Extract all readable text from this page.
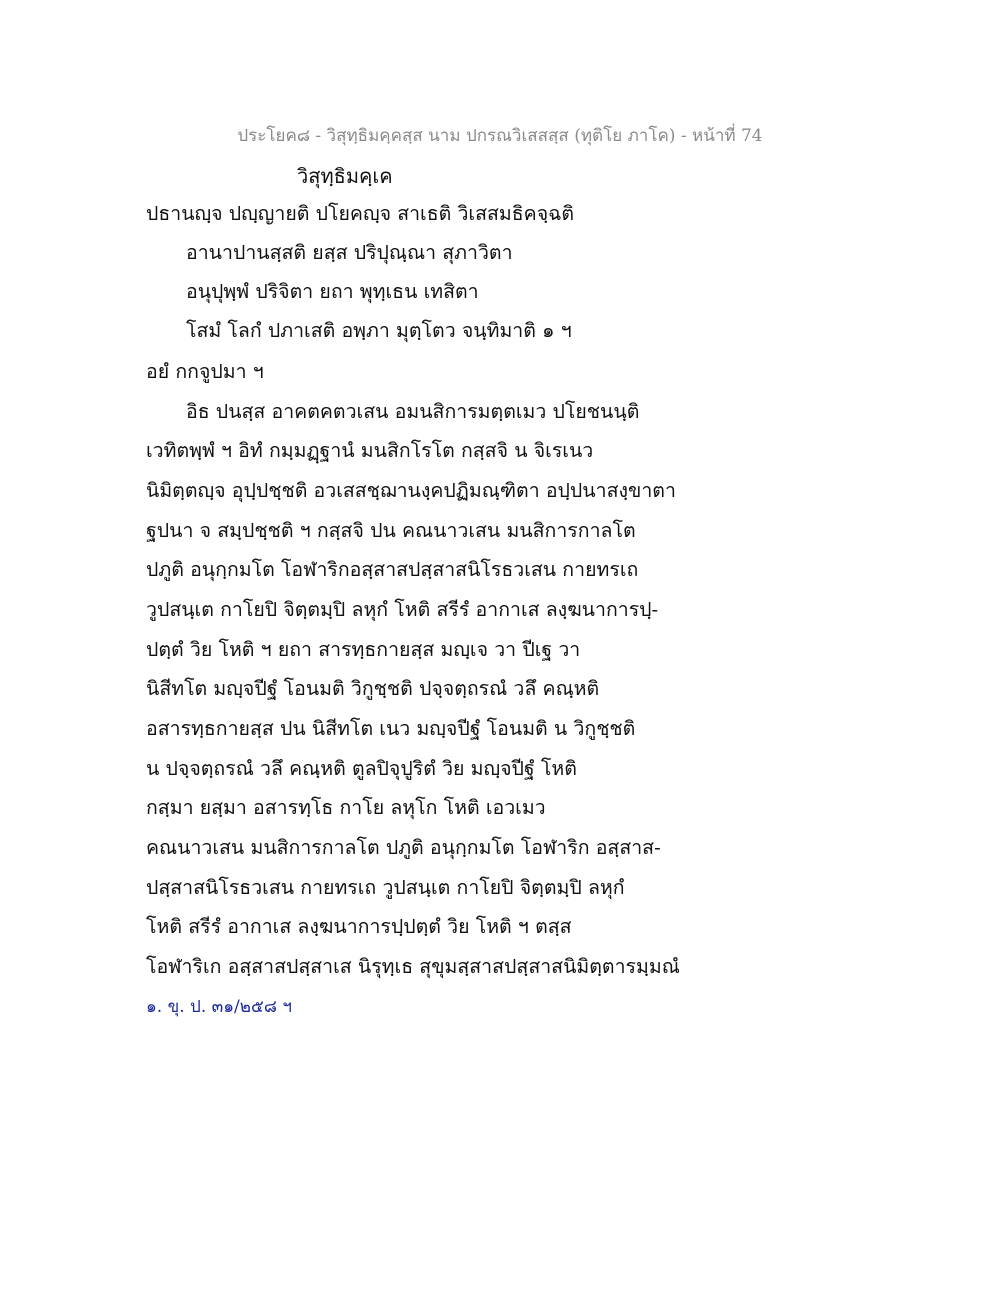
ประโยค๘ - วิสุทฺธิมคฺคสฺส นาม ปกรณวิเสสสฺส (ทุติโย ภาโค) - หน้าที่ 74
วิสุทฺธิมคฺเค
ปธานญฺจ ปญฺญายติ ปโยคญฺจ สาเธติ วิเสสมธิคจฺฉติ
อานาปานสฺสติ ยสฺส ปริปุณฺณา สุภาวิตา
อนุปุพฺพํ ปริจิตา ยถา พุทฺเธน เทสิตา
โสมํ โลกํ ปภาเสติ อพฺภา มุตฺโตว จนฺทิมาติ ๑ ฯ
อยํ กกจูปมา ฯ
อิธ ปนสฺส อาคตคตวเสน อมนสิการมตฺตเมว ปโยชนนฺติ
เวทิตพฺพํ ฯ อิทํ กมฺมฏฺฐานํ มนสิกโรโต กสฺสจิ น จิเรเนว
นิมิตฺตญฺจ อุปฺปชฺชติ อวเสสชฺฌานงฺคปฏิมณฺฑิตา อปฺปนาสงฺขาตา
ฐปนา จ สมฺปชฺชติ ฯ กสฺสจิ ปน คณนาวเสน มนสิการกาลโต
ปภูติ อนุกฺกมโต โอฬาริกอสฺสาสปสฺสาสนิโรธวเสน กายทรเถ
วูปสนฺเต กาโยปิ จิตฺตมฺปิ ลหุกํ โหติ สรีรํ อากาเส ลงฺฆนาการปฺ-
ปตฺตํ วิย โหติ ฯ ยถา สารทฺธกายสฺส มญฺเจ วา ปีเฐ วา
นิสีทโต มญฺจปีฐํ โอนมติ วิกูชฺชติ ปจฺจตฺถรณํ วลึ คณฺหติ
อสารทฺธกายสฺส ปน นิสีทโต เนว มญฺจปีฐํ โอนมติ น วิกูชฺชติ
น ปจฺจตฺถรณํ วลึ คณฺหติ ตูลปิจุปูริตํ วิย มญฺจปีฐํ โหติ
กสฺมา ยสฺมา อสารทฺโธ กาโย ลหุโก โหติ เอวเมว
คณนาวเสน มนสิการกาลโต ปภูติ อนุกฺกมโต โอฬาริก อสฺสาส-
ปสฺสาสนิโรธวเสน กายทรเถ วูปสนฺเต กาโยปิ จิตฺตมฺปิ ลหุกํ
โหติ สรีรํ อากาเส ลงฺฆนาการปฺปตฺตํ วิย โหติ ฯ ตสฺส
โอฬาริเก อสฺสาสปสฺสาเส นิรุทฺเธ สุขุมสฺสาสปสฺสาสนิมิตฺตารมฺมณํ
๑. ขุ. ป. ๓๑/๒๕๘ ฯ
